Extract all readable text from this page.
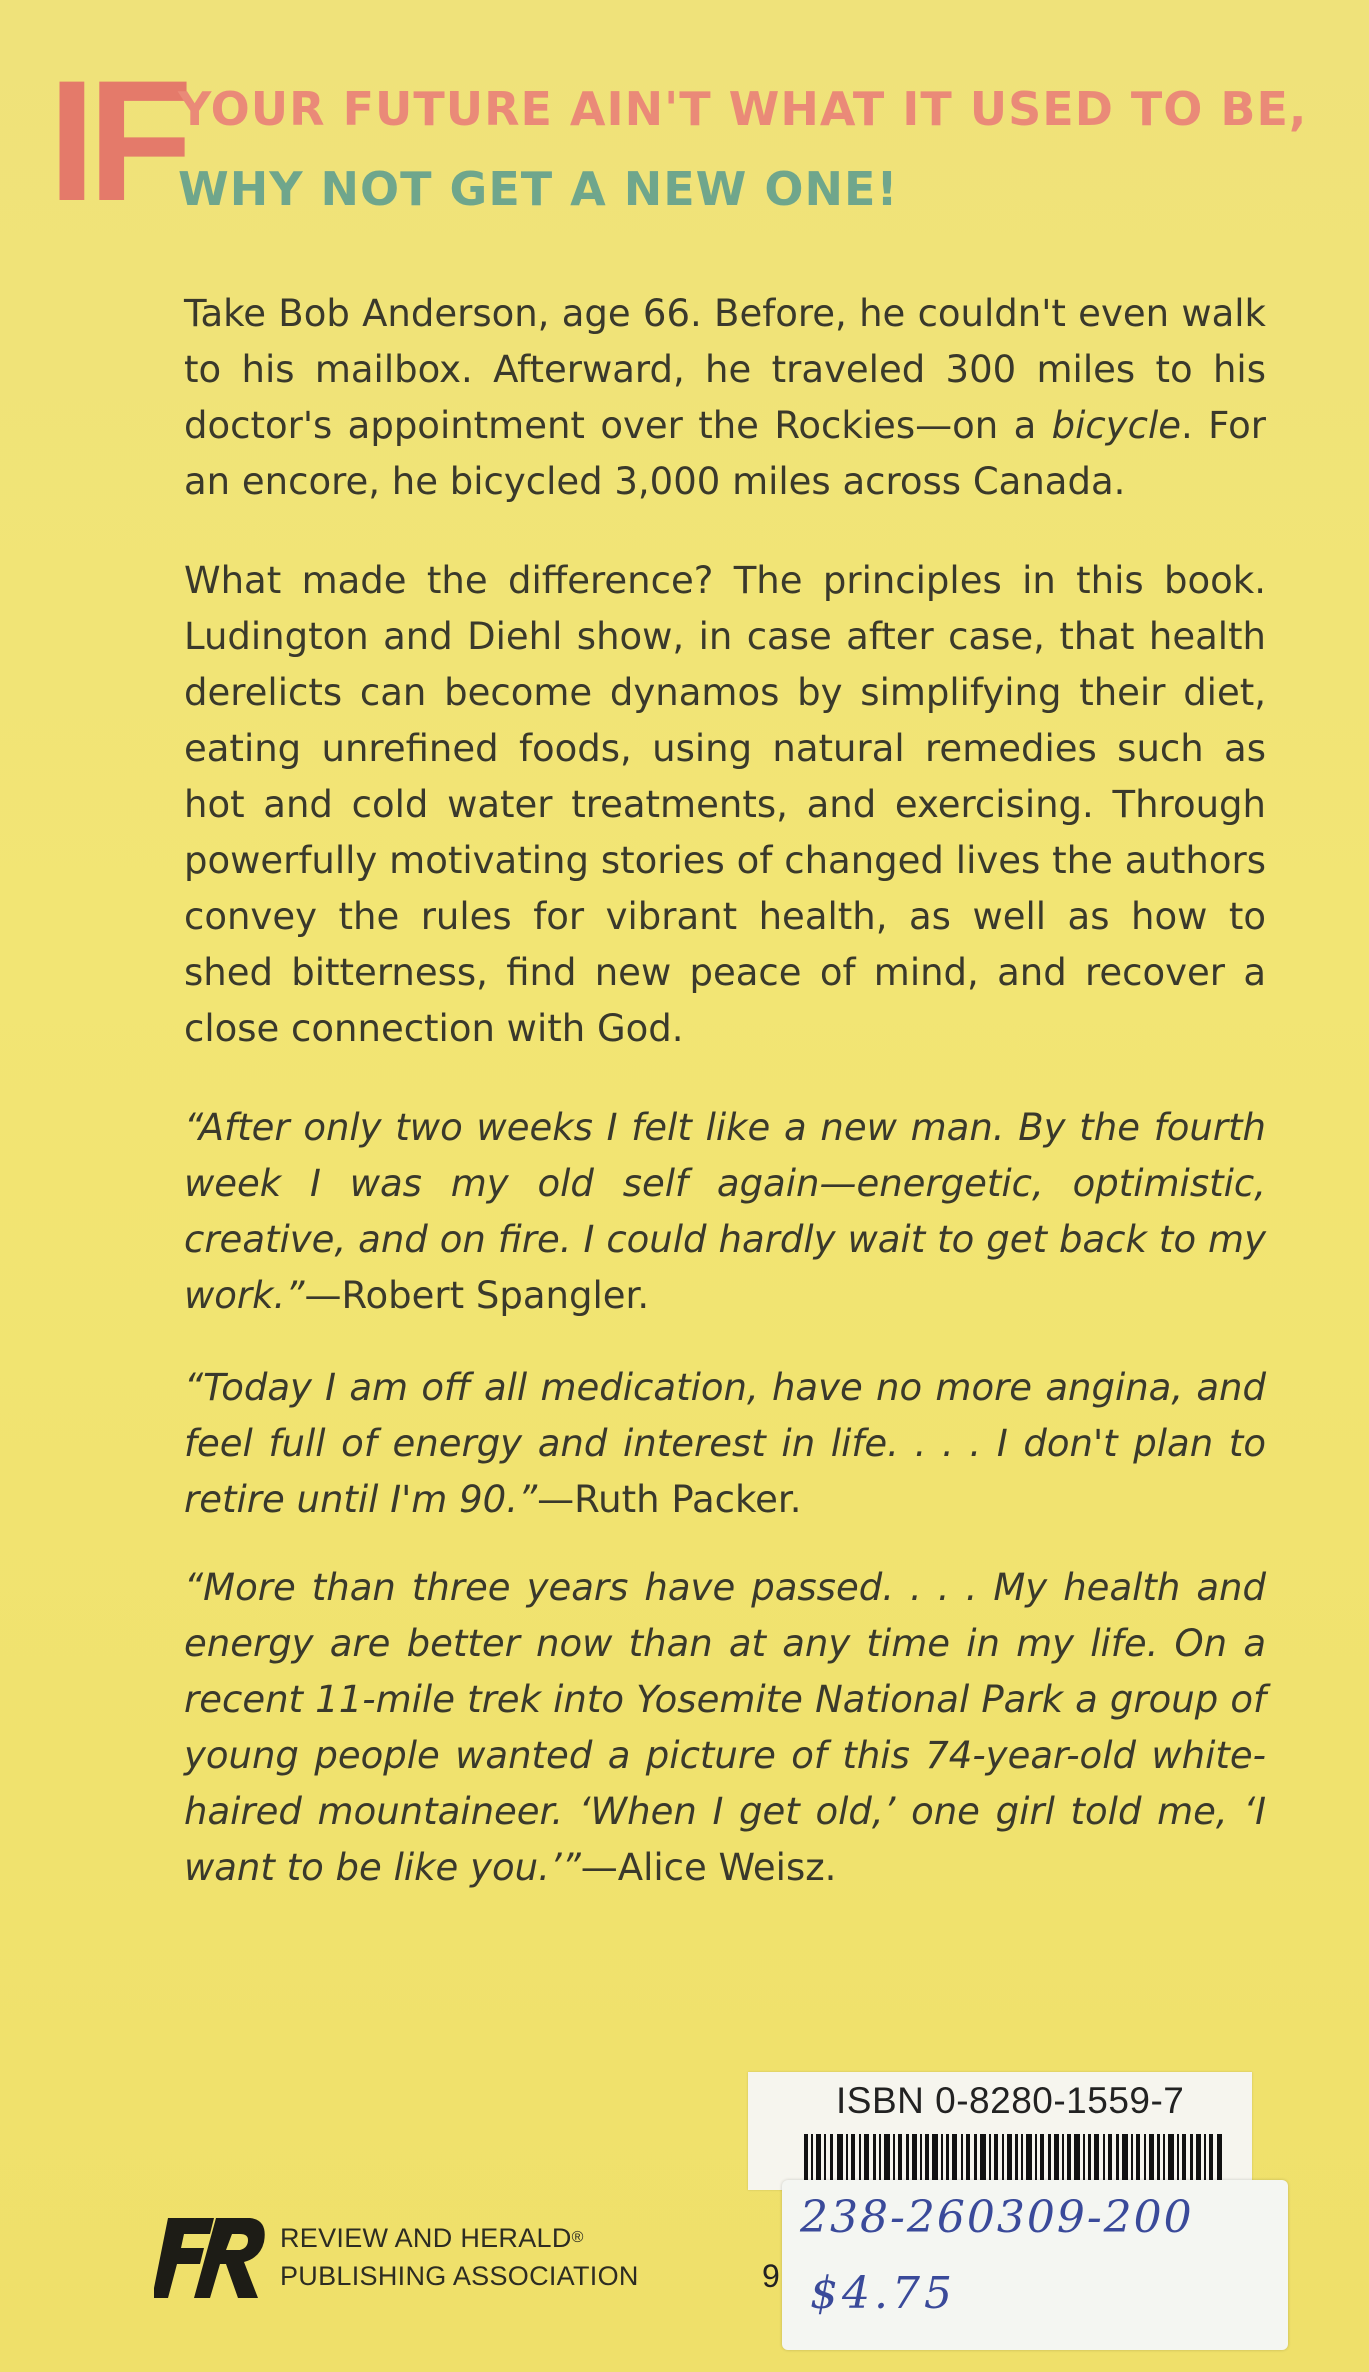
IF
YOUR FUTURE AIN'T WHAT IT USED TO BE,
WHY NOT GET A NEW ONE!

Take Bob Anderson, age 66. Before, he couldn't even walk to his mailbox. Afterward, he traveled 300 miles to his doctor's appointment over the Rockies—on a bicycle. For an encore, he bicycled 3,000 miles across Canada.

What made the difference? The principles in this book. Ludington and Diehl show, in case after case, that health derelicts can become dynamos by simplifying their diet, eating unrefined foods, using natural remedies such as hot and cold water treatments, and exercising. Through powerfully motivating stories of changed lives the authors convey the rules for vibrant health, as well as how to shed bitterness, find new peace of mind, and recover a close connection with God.

“After only two weeks I felt like a new man. By the fourth week I was my old self again—energetic, optimistic, creative, and on fire. I could hardly wait to get back to my work.”—Robert Spangler.

“Today I am off all medication, have no more angina, and feel full of energy and interest in life. . . . I don't plan to retire until I'm 90.”—Ruth Packer.

“More than three years have passed. . . . My health and energy are better now than at any time in my life. On a recent 11-mile trek into Yosemite National Park a group of young people wanted a picture of this 74-year-old white-haired mountaineer. ‘When I get old,’ one girl told me, ‘I want to be like you.’”—Alice Weisz.

REVIEW AND HERALD®
PUBLISHING ASSOCIATION
ISBN 0-8280-1559-7
9
238-260309-200
$4.75
